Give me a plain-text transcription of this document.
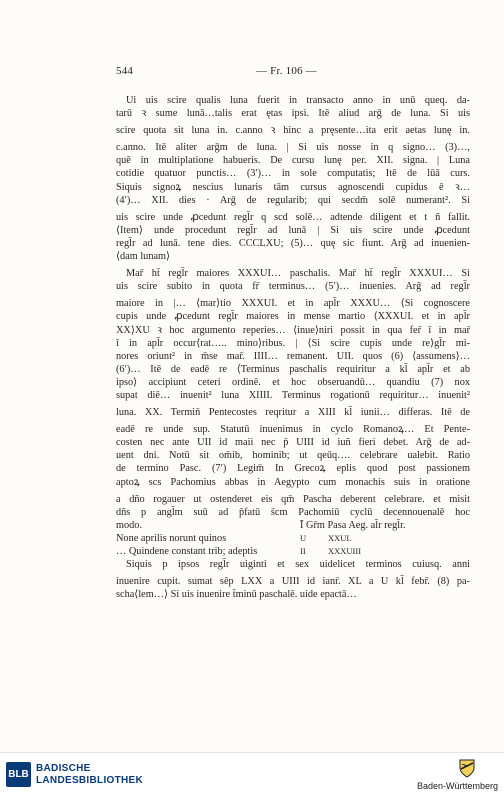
544	— Fr. 106 —
Ui uis scire qualis luna fuerit in transacto anno in unū queq. da-
tarū ꝛ sume lunā…talis erat ętas ipsi. Itē aliud arḡ de luna. Si uis
scire quota sit luna in. c.anno ꝛ hinc a pręsente…ita erit aetas lunę in.
c.anno. Itē aliter arḡm de luna. | Si uis nosse in q signo… (3)…,
quē in multiplatione habueris. De cursu lunę per. XII. signa. | Luna
cotidie quatuor punctis… (3′)… in sole computatis; Itē de lūā curs.
Siquis signoꝝ nescius lunaris tām cursus agnoscendi cupidus ē ꝛ…
(4′)… XII. dies · Arḡ de regularib; qui secdm̄ solē numerant². Si
uis scire unde ꝓcedunt regl̄r q scd solē… adtende diligent et t ñ fallit.
⟨Item⟩ unde procedunt regl̄r ad lunā | Si uis scire unde ꝓcedunt
regl̄r ad lunā. tene dies. CCCLXU; (5)… quę sic fiunt. Arḡ ad inuenien-
⟨dam lunam⟩
Mar̄ ht̄ regl̄r maiores XXXUI… paschalis. Mar̄ ht̄ regl̄r XXXUI… Si
uis scire subito in quota fr̄ terminus… (5′)… inuenies. Arḡ ad regl̄r
maiore in |… ⟨mar⟩tio XXXUI. et in apl̄r XXXU… ⟨Si cognoscere
cupis unde ꝓcedunt regl̄r maiores in mense martio ⟨XXXUI. et in apl̄r
XX⟩XU ꝛ hoc argumento reperies… ⟨inue⟩niri possit in qua fer̄ ī in mar̄
ī in apl̄r occur⟨rat….. mino⟩ribus. | ⟨Si scire cupis unde re⟩gl̄r mi-
nores oriunt² in m̄se mar̄. IIII… remanent. UII. quos (6) ⟨assumens⟩…
(6′)… Itē de eadē re ⟨Terminus paschalis requiritur a kl̄ apl̄r et ab
ipso⟩ accipiunt ceteri ordinē. et hoc obseruandū… quandiu (7) nox
supat diē… inuenit² luna XIIII. Terminus rogationū requiritur… inuenit²
luna. XX. Termin̄ Pentecostes reqritur a XIII kl̄ iunii… differas. Itē de
eadē re unde sup. Statutū inuenimus in cyclo Romanoꝝ… Et Pente-
costen nec ante UII id maii nec p̄ UIII id iuñ fieri debet. Arḡ de ad-
uent dni. Notū sit om̄ib, hominib; ut qeūq…. celebrare ualebit. Ratio
de termino Pasc. (7′) Legim̄ In Grecoꝝ eplis quod post passionem
aptoꝝ scs Pachomius abbas in Aegypto cum monachis suis in oratione
a dño rogauer ut ostenderet eis qm̄ Pascha deberent celebrare. et misit
dñs p angl̄m suū ad p̄fatū s̄cm Pachomiū cyclū decennouenalē hoc
modo.	Ī Gr̄m Pasa Aeg. al̄r regl̄r.
None aprilis norunt quinos	U	XXUI.
… Quindene constant trib; adeptis	II	XXXUIII
Siquis p ipsos regl̄r uiginti et sex uidelicet terminos cuiusq. anni
inuenire cupit. sumat sēp LXX a UIII id ianr̄. XL a U kl̄ febr̄. (8) pa-
scha⟨lem…⟩ Si uis inuenire t̄minū paschalē. uide epactā…
BLB
BADISCHE
LANDESBIBLIOTHEK	Baden-Württemberg
